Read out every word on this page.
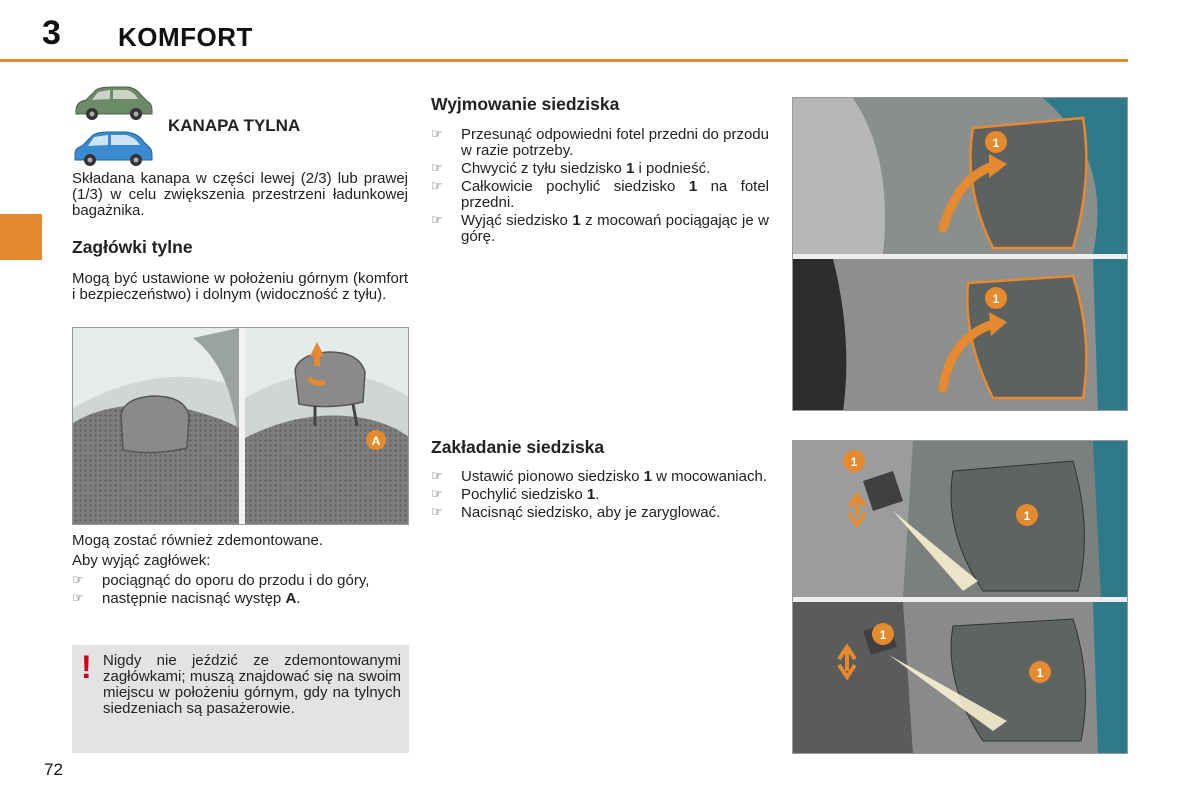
3 KOMFORT
KANAPA TYLNA
Składana kanapa w części lewej (2/3) lub prawej (1/3) w celu zwiększenia przestrzeni ładunkowej bagażnika.
Zagłówki tylne
Mogą być ustawione w położeniu górnym (komfort i bezpieczeństwo) i dolnym (widoczność z tyłu).
A
Mogą zostać również zdemontowane.
Aby wyjąć zagłówek:
☞ pociągnąć do oporu do przodu i do góry,
☞ następnie nacisnąć występ A.
! Nigdy nie jeździć ze zdemontowanymi zagłówkami; muszą znajdować się na swoim miejscu w położeniu górnym, gdy na tylnych siedzeniach są pasażerowie.
72
Wyjmowanie siedziska
☞ Przesunąć odpowiedni fotel przedni do przodu w razie potrzeby.
☞ Chwycić z tyłu siedzisko 1 i podnieść.
☞ Całkowicie pochylić siedzisko 1 na fotel przedni.
☞ Wyjąć siedzisko 1 z mocowań pociągając je w górę.
Zakładanie siedziska
☞ Ustawić pionowo siedzisko 1 w mocowaniach.
☞ Pochylić siedzisko 1.
☞ Nacisnąć siedzisko, aby je zaryglować.
1
1
1
1
1
1
